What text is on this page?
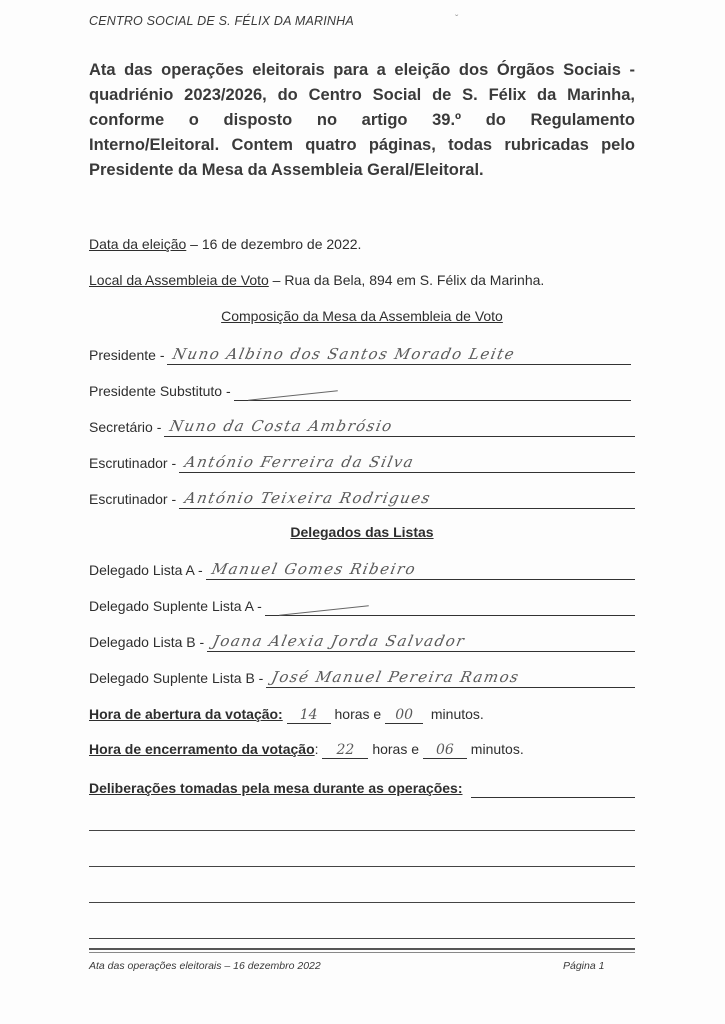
CENTRO SOCIAL DE S. FÉLIX DA MARINHA	ˇ
Ata das operações eleitorais para a eleição dos Órgãos Sociais -
quadriénio 2023/2026, do Centro Social de S. Félix da Marinha,
conforme o disposto no artigo 39.º do Regulamento
Interno/Eleitoral. Contem quatro páginas, todas rubricadas pelo
Presidente da Mesa da Assembleia Geral/Eleitoral.
Data da eleição – 16 de dezembro de 2022.
Local da Assembleia de Voto – Rua da Bela, 894 em S. Félix da Marinha.
Composição da Mesa da Assembleia de Voto
Presidente - Nuno Albino dos Santos Morado Leite
Presidente Substituto -
Secretário - Nuno da Costa Ambrósio
Escrutinador - António Ferreira da Silva
Escrutinador - António Teixeira Rodrigues
Delegados das Listas
Delegado Lista A - Manuel Gomes Ribeiro
Delegado Suplente Lista A -
Delegado Lista B - Joana Alexia Jorda Salvador
Delegado Suplente Lista B - José Manuel Pereira Ramos
Hora de abertura da votação: 14 horas e 00 minutos.
Hora de encerramento da votação: 22 horas e 06 minutos.
Deliberações tomadas pela mesa durante as operações:
Ata das operações eleitorais – 16 dezembro 2022	Página 1
